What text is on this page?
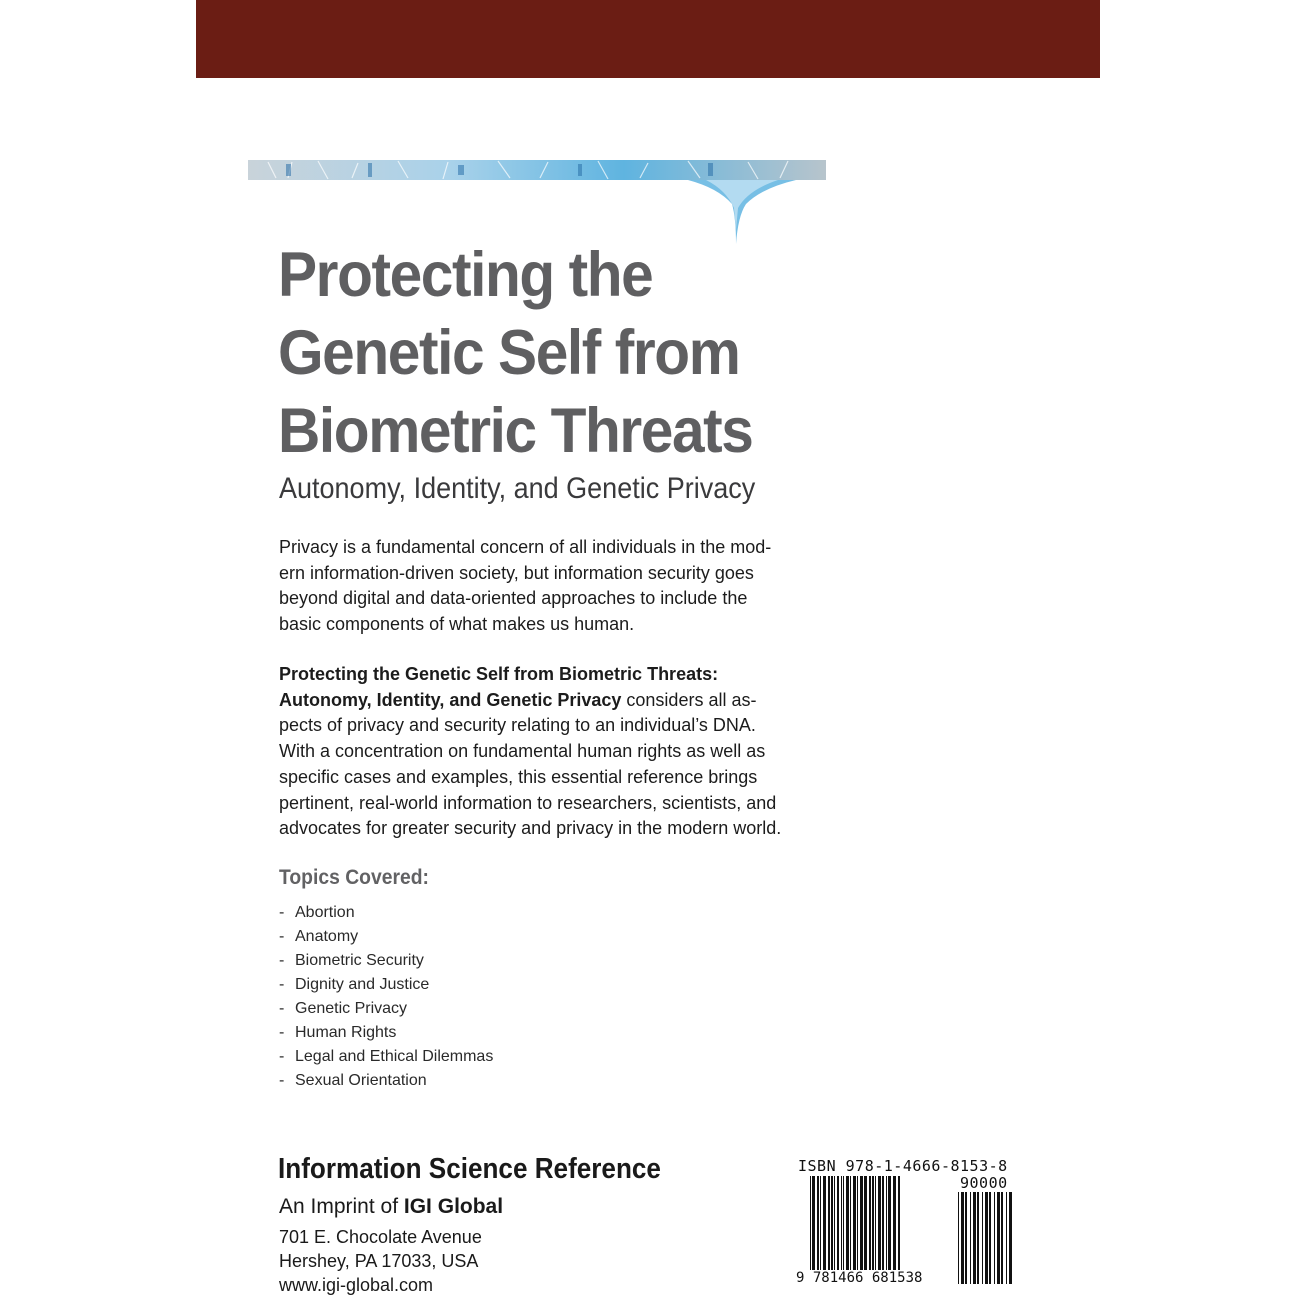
Protecting the
Genetic Self from
Biometric Threats
Autonomy, Identity, and Genetic Privacy
Privacy is a fundamental concern of all individuals in the mod-
ern information-driven society, but information security goes
beyond digital and data-oriented approaches to include the
basic components of what makes us human.
Protecting the Genetic Self from Biometric Threats:
Autonomy, Identity, and Genetic Privacy considers all as-
pects of privacy and security relating to an individual’s DNA.
With a concentration on fundamental human rights as well as
specific cases and examples, this essential reference brings
pertinent, real-world information to researchers, scientists, and
advocates for greater security and privacy in the modern world.
Topics Covered:
- Abortion
- Anatomy
- Biometric Security
- Dignity and Justice
- Genetic Privacy
- Human Rights
- Legal and Ethical Dilemmas
- Sexual Orientation
Information Science Reference
An Imprint of IGI Global
701 E. Chocolate Avenue
Hershey, PA 17033, USA
www.igi-global.com
ISBN 978-1-4666-8153-8
90000
9 781466 681538
